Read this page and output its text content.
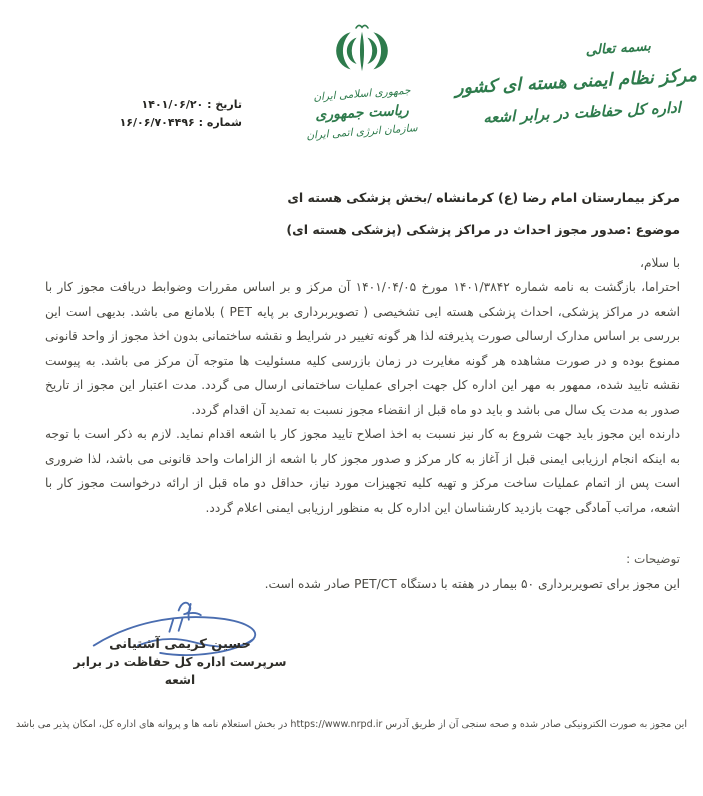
تاریخ : ۱۴۰۱/۰۶/۲۰
شماره : ۱۶/۰۶/۷۰۴۴۹۶
جمهوری اسلامی ایران
ریاست جمهوری
سازمان انرژی اتمی ایران
بسمه تعالی
مرکز نظام ایمنی هسته ای کشور
اداره کل حفاظت در برابر اشعه

مرکز بیمارستان امام رضا (ع) کرمانشاه /بخش پزشکی هسته ای

موضوع :صدور مجوز احداث در مراکز پزشکی (پزشکی هسته ای)

با سلام،

احتراما، بازگشت به نامه شماره ۱۴۰۱/۳۸۴۲ مورخ ۱۴۰۱/۰۴/۰۵ آن مرکز و بر اساس مقررات وضوابط دریافت مجوز کار با اشعه در مراکز پزشکی، احداث پزشکی هسته ایی تشخیصی ( تصویربرداری بر پایه PET ) بلامانع می باشد. بدیهی است این بررسی بر اساس مدارک ارسالی صورت پذیرفته لذا هر گونه تغییر در شرایط و نقشه ساختمانی بدون اخذ مجوز از واحد قانونی ممنوع بوده و در صورت مشاهده هر گونه مغایرت در زمان بازرسی کلیه مسئولیت ها متوجه آن مرکز می باشد. به پیوست نقشه تایید شده، ممهور به مهر این اداره کل جهت اجرای عملیات ساختمانی ارسال می گردد. مدت اعتبار این مجوز از تاریخ صدور به مدت یک سال می باشد و باید دو ماه قبل از انقضاء مجوز نسبت به تمدید آن اقدام گردد.

دارنده این مجوز باید جهت شروع به کار نیز نسبت به اخذ اصلاح تایید مجوز کار با اشعه اقدام نماید. لازم به ذکر است با توجه به اینکه انجام ارزیابی ایمنی قبل از آغاز به کار مرکز و صدور مجوز کار با اشعه از الزامات واحد قانونی می باشد، لذا ضروری است پس از اتمام عملیات ساخت مرکز و تهیه کلیه تجهیزات مورد نیاز، حداقل دو ماه قبل از ارائه درخواست مجوز کار با اشعه، مراتب آمادگی جهت بازدید کارشناسان این اداره کل به منظور ارزیابی ایمنی اعلام گردد.

توضیحات :

این مجوز برای تصویربرداری ۵۰ بیمار در هفته با دستگاه PET/CT صادر شده است.

حسین کریمی آشتیانی
سرپرست اداره کل حفاظت در برابر اشعه
این مجوز به صورت الکترونیکی صادر شده و صحه سنجی آن از طریق آدرس https://www.nrpd.ir در بخش استعلام نامه ها و پروانه های اداره کل، امکان پذیر می باشد
